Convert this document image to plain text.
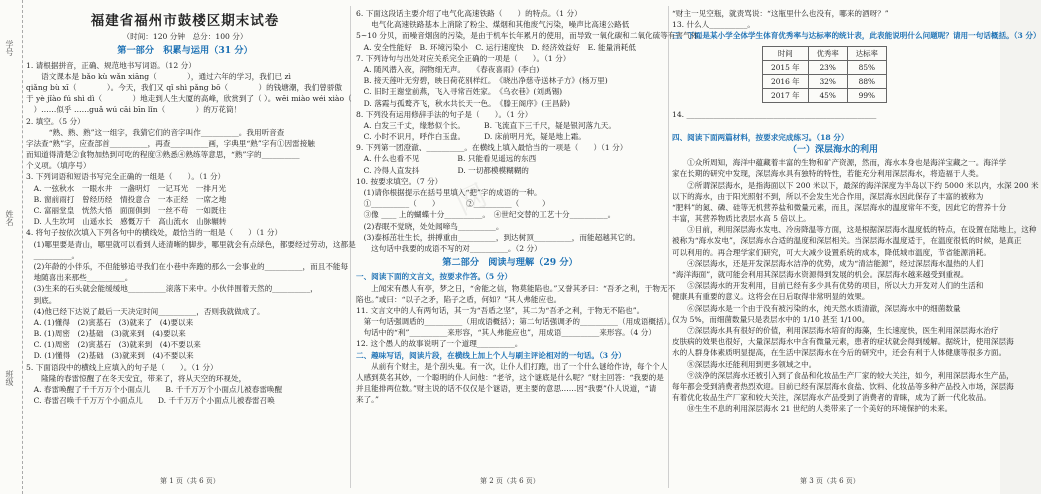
学号
姓名
班级
网
福建省福州市鼓楼区期末试卷
（时间：120 分钟　总分：100 分）
第一部分　积累与运用（31 分）
1. 请根据拼音，正确、规范地书写词语。（12 分）
　　语文课本是 bǎo kù wǎn xiāng（　　　　），通过六年的学习，我们已 zì
qiǎng bù xī（　　　　）。今天，我们又 qǐ shì pǎng bō（　　　　）的钱塘潮，我们曾骄傲
于 yè jǐào fú shì dì（　　　　）地走到人生大厦的高峰，欣赏到了（ ）。wēi miào wéi xiào（
　）……似乎 ……guǎ wú cāi bīn lǐn（　　　　）的万花筒！
2. 填空。（5 分）
　　　“熟、熟、熟”这一组字，我猜它们的音字叫作__________。我用听音查
字法查“熟”字，应查部首__________，再查__________画，字典里“熟”字有①因雷接触
而知道得清楚②食物加热到可吃的程度③熟悉④熟练等意思，“熟”字的__________
个义项。（填序号）
3. 下列词语和短语书写完全正确的一组是（　　）。（1 分）
　A. 一弦秋水　一眼水井　一盏明灯　一记耳光　一排月光
　B. 窗前雨打　曾经历经　情投意合　一本正经　一席之地
　C. 富丽堂皇　恍然大悟　面面俱到　一丝不苟　一如既往
　D. 人生坎坷　山遥水长　感慨万千　高山流水　山脉辗转
4. 将句子按依次填入下列各句中的横线处，最恰当的一组是（　　）（1 分）
　(1)哪里要是青山，哪里就可以看到人迹清晰的脚步，哪里就会有点绿色，都要经过劳动，这都是
　__________。
　(2)年龄的小伴乐，不但能够追寻我们在小巷中奔跑的那么一会事业的__________，而且不能每
　地随喜出来那些__________。
　(3)生来的石头就会能缓缓地__________滚落下来中。小伙伴围着天然的__________，
　到底。
　(4)他已经下达说了最后一天决定时间__________，否则我就做成了。
　A. (1)懂得　(2)寅基石　(3)就来了　(4)要以来
　B. (1)周密　(2)基础　(3)就来到　(4)要以来
　C. (1)周密　(2)寅基石　(3)就来到　(4)不要以来
　D. (1)懂得　(2)基础　(3)就来到　(4)不要以来
5. 下面语段中的横线上应填入的句子是（　　）。（1 分）
　　隆隆的春雷惊醒了在冬天安宜，带来了，将从天空的环视处，
　A. 春雷唤醒了千千万万个小面点儿　　B. 千千万万个小面点儿被春雷唤醒
　C. 春雷召唤千千万万个小面点儿　　D. 千千万万个小面点儿被春雷召唤
第 1 页（共 6 页）
6. 下面这段话主要介绍了电气化高速铁路（　　）的特点。（1 分）
　　电气化高速铁路基本上消除了粉尘、煤烟和其他废气污染，噪声比高速公路低
5~10 分贝，而噪音烟囱的污染，是由于机车长年累月的使用，而导致一氧化碳和二氧化硫等有害气体。
　A. 安全性能好　B. 环境污染小　C. 运行速度快　D. 经济效益好　E. 能量消耗低
7. 下列诗句与出处对应关系完全正确的一项是（　　）。（1 分）
　A. 随风潜入夜，润物细无声。　　《春夜喜雨》(李白)
　B. 接天莲叶无穷碧，映日荷花别样红。　《晓出净慈寺送林子方》(杨万里)
　C. 旧时王谢堂前燕，飞入寻常百姓家。　《乌衣巷》(刘禹锡)
　D. 落霞与孤鹜齐飞，秋水共长天一色。　《滕王阁序》(王昌龄)
8. 下列没有运用修辞手法的句子是（　　）。（1 分）
　A. 白发三千丈，缘愁似个长。　　　B. 飞流直下三千尺，疑是银河落九天。
　C. 小时不识月，呼作白玉盘。　　　D. 床前明月光，疑是地上霜。
9. 下列第一团澄澈、__________。在横线上填入最恰当的一项是（　　）（1 分）
　A. 什么也看不见　　　　　B. 只能看见遥远的东西
　C. 冷得人直发抖　　　　　D. 一切都模模糊糊的
10. 按要求填空。（7 分）
　(1)请你根据提示在括号里填入“把”字的成语的一种。
　①__________（　　）　　　　②__________（　　　）
　③像 ____ 上的蝴蝶十分__________。　④世纪交替的工艺十分__________。
　(2)春眠不觉晓，处处闻啼鸟__________。
　(3)泰栎茁壮生长，拼搏重由__________，到达树顶__________，而能超越其它的。
　　这句话中我要的成语不写的对__________。（2 分）
第二部分　阅读与理解（29 分）
一、阅读下面的文言文，按要求作答。（5 分）
　　上闻宋有愚人有亭，梦之日，“舍能之信，物莫能陷也。”又誉其矛曰：“吾矛之利，于物无不
陷也。”或曰：“以子之矛，陷子之盾，何如？”其人弗能应也。
11. 文言文中的人有两句话，其一为“吾盾之坚”，其二为“吾矛之利，于物无不陷也”。
　第一句话强调盾的__________（用成语概括）；第二句话强调矛的__________（用成语概括）。
　句话中的“利”__________来形容，“其人弗能应也”，用成语__________来形容。（4 分）
12. 这个愚人的故事说明了一个道理__________。
二、趣味写话，阅读片段，在横线上加上个人与刷主评论相对的一句话。（3 分）
　　从前有个财主，是个刮头鬼。有一次，让仆人们打跑，出了一个什么谜给作诗，每个个人
人感到莫名其妙，一个聪明的仆人问他：“老爷，这个谜底是什么呢？”财主回答：“我要的是
并且能排两位数。”财主说的话不仅仅是个谜语，更主要的意思……因“我要”仆人说道，“请
来了。”
第 2 页（共 6 页）
“财主一见空瓶，就责骂说：“这瓶里什么也没有，哪来的酒呀？”
13. 什么人__________。
三、下面是某小学全体学生体育优秀率与达标率的统计表，此表能说明什么问题呢？请用一句话概括。（3 分）
时间	优秀率	达标率
2015 年	23%	85%
2016 年	32%	88%
2017 年	45%	99%
14. __________________________________________________
四、阅读下面两篇材料，按要求完成练习。（18 分）
（一）深层海水的利用
　　①众所周知，海洋中蕴藏着丰富的生物和矿产资源，然而，海水本身也是海洋宝藏之一。海洋学
家在长期的研究中发现，深层海水具有独特的特性，若能充分利用深层海水，将造福于人类。
　　②所谓深层海水，是指海面以下 200 米以下，最深的海洋深度为半岛以下约 5000 米以内，水深 200 米
以下的海水，由于阳光照射不到，所以不会发生光合作用，深层海水因此保存了丰富的被称为
“肥料”的氮、磷、硅等无机营养盐和微量元素，而且，深层海水的温度常年不变，因此它的营养十分
丰富，其营养物质比表层水高 5 倍以上。
　　③目前，利用深层海水发电、冷房降温等方面，这是根据深层海水温度低的特点，在设置在陆地上，这种
被称为“海水发电”，深层海水合适的温度和深层相关。当深层海水温度适于，在温度很低的时候，是真正
可以利用的。再合理学家们研究，可大大减少设置系统的成本，降低城市温度，节省能源消耗。
　　④深层海水，还是开发深层海水洁净的优势，成为“清洁能源”，经过深层海水温热的人们
“海洋海面”，就可能会利用其深层海水资源得到发展的机会。深层海水越来越受到重视。
　　⑤深层海水的开发利用，目前已经有多少具有优势的项目，所以大力开发对人们的生活和
健康具有重要的意义。这将会在日后取得非常明显的效果。
　　⑥深层海水是一个由于没有被污染的水，纯天然水质清澈，深层海水中的细菌数量
仅为 5%，而细菌数量只是表层水中的 1/10 甚至 1/100。
　　⑦深层海水具有很好的价值，利用深层海水培育的海藻，生长速度快，医生利用深层海水治疗
皮肤病的效果也很好，大量深层海水中含有微量元素，患者的症状就会得到缓解。据统计，使用深层海
水的人群身体素质明显提高，在生活中深层海水在今后的研究中，还会有利于人体健康等很多方面。
　　⑧深层海水还能利用到更多领域之中。
　　⑨淡净的深层海水还被引入到了食品和化妆品生产厂家的较大关注，如今，利用深层海水生产品，
每年都会受到消费者热烈欢迎。目前已经有深层海水食盐、饮料、化妆品等多种产品投入市场，深层海
有着优化妆品生产厂家和较大关注，深层海水产品受到了消费者的青睐，成为了新一代化妆品。
　　⑩生生不息的利用深层海水 21 世纪的人类带来了一个美好的环境保护的未来。
第 3 页（共 6 页）
